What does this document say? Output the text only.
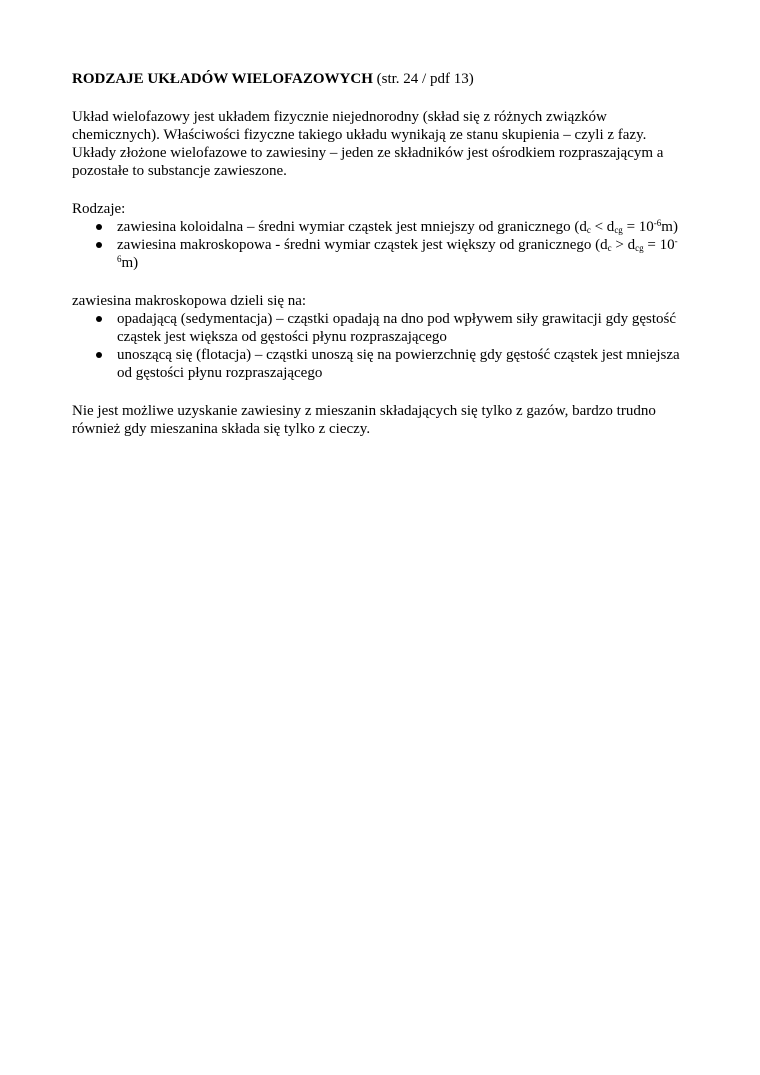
RODZAJE UKŁADÓW WIELOFAZOWYCH (str. 24 / pdf 13)

Układ wielofazowy jest układem fizycznie niejednorodny (skład się z różnych związków chemicznych). Właściwości fizyczne takiego układu wynikają ze stanu skupienia – czyli z fazy. Układy złożone wielofazowe to zawiesiny – jeden ze składników jest ośrodkiem rozpraszającym a pozostałe to substancje zawieszone.

Rodzaje:

zawiesina koloidalna – średni wymiar cząstek jest mniejszy od granicznego $(d_c < d_{cg} = 10^{-6}m)$
zawiesina makroskopowa - średni wymiar cząstek jest większy od granicznego $(d_c > d_{cg} = 10^{-6}m)$

zawiesina makroskopowa dzieli się na:

opadającą (sedymentacja) – cząstki opadają na dno pod wpływem siły grawitacji gdy gęstość cząstek jest większa od gęstości płynu rozpraszającego
unoszącą się (flotacja) – cząstki unoszą się na powierzchnię gdy gęstość cząstek jest mniejsza od gęstości płynu rozpraszającego

Nie jest możliwe uzyskanie zawiesiny z mieszanin składających się tylko z gazów, bardzo trudno również gdy mieszanina składa się tylko z cieczy.
